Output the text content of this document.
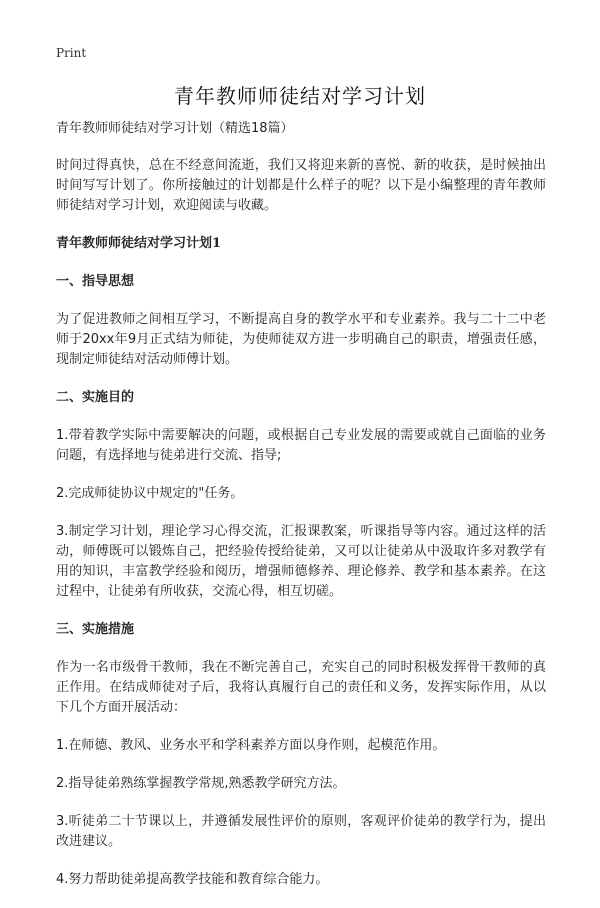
Print
青年教师师徒结对学习计划

青年教师师徒结对学习计划（精选18篇）

时间过得真快，总在不经意间流逝，我们又将迎来新的喜悦、新的收获，是时候抽出时间写写计划了。你所接触过的计划都是什么样子的呢？以下是小编整理的青年教师师徒结对学习计划，欢迎阅读与收藏。

青年教师师徒结对学习计划1

一、指导思想

为了促进教师之间相互学习，不断提高自身的教学水平和专业素养。我与二十二中老师于20xx年9月正式结为师徒，为使师徒双方进一步明确自己的职责，增强责任感，现制定师徒结对活动师傅计划。

二、实施目的

1.带着教学实际中需要解决的问题，或根据自己专业发展的需要或就自己面临的业务问题，有选择地与徒弟进行交流、指导;

2.完成师徒协议中规定的"任务。

3.制定学习计划，理论学习心得交流，汇报课教案，听课指导等内容。通过这样的活动，师傅既可以锻炼自己，把经验传授给徒弟，又可以让徒弟从中汲取许多对教学有用的知识，丰富教学经验和阅历，增强师德修养、理论修养、教学和基本素养。在这过程中，让徒弟有所收获，交流心得，相互切磋。

三、实施措施

作为一名市级骨干教师，我在不断完善自己，充实自己的同时积极发挥骨干教师的真正作用。在结成师徒对子后，我将认真履行自己的责任和义务，发挥实际作用，从以下几个方面开展活动：

1.在师德、教风、业务水平和学科素养方面以身作则，起模范作用。

2.指导徒弟熟练掌握教学常规,熟悉教学研究方法。

3.听徒弟二十节课以上，并遵循发展性评价的原则，客观评价徒弟的教学行为，提出改进建议。

4.努力帮助徒弟提高教学技能和教育综合能力。
